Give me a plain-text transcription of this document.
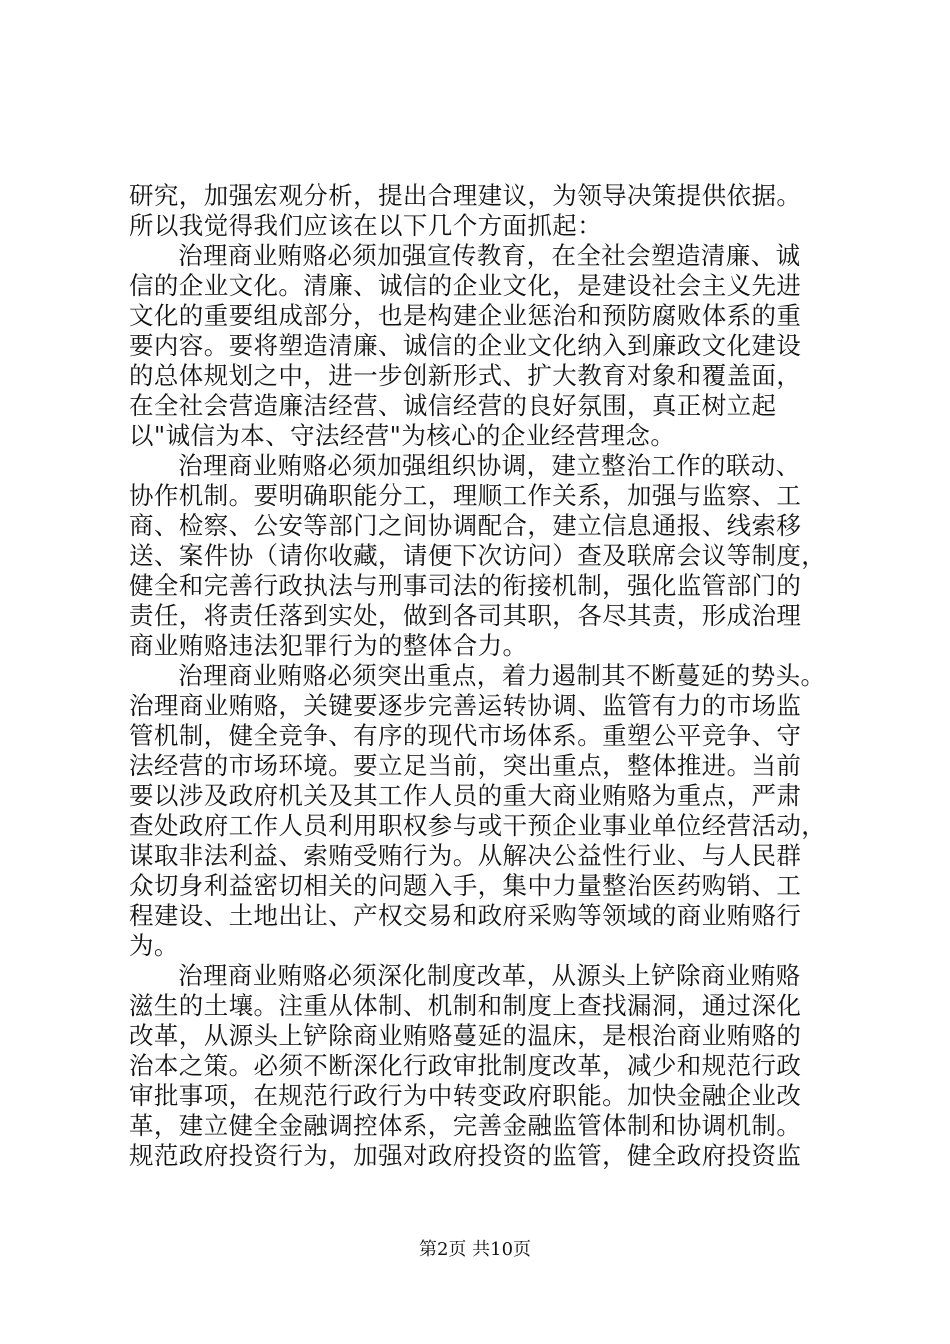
研究，加强宏观分析，提出合理建议，为领导决策提供依据。
所以我觉得我们应该在以下几个方面抓起：
治理商业贿赂必须加强宣传教育，在全社会塑造清廉、诚
信的企业文化。清廉、诚信的企业文化，是建设社会主义先进
文化的重要组成部分，也是构建企业惩治和预防腐败体系的重
要内容。要将塑造清廉、诚信的企业文化纳入到廉政文化建设
的总体规划之中，进一步创新形式、扩大教育对象和覆盖面，
在全社会营造廉洁经营、诚信经营的良好氛围，真正树立起
以"诚信为本、守法经营"为核心的企业经营理念。
治理商业贿赂必须加强组织协调，建立整治工作的联动、
协作机制。要明确职能分工，理顺工作关系，加强与监察、工
商、检察、公安等部门之间协调配合，建立信息通报、线索移
送、案件协（请你收藏，请便下次访问）查及联席会议等制度，
健全和完善行政执法与刑事司法的衔接机制，强化监管部门的
责任，将责任落到实处，做到各司其职，各尽其责，形成治理
商业贿赂违法犯罪行为的整体合力。
治理商业贿赂必须突出重点，着力遏制其不断蔓延的势头。
治理商业贿赂，关键要逐步完善运转协调、监管有力的市场监
管机制，健全竞争、有序的现代市场体系。重塑公平竞争、守
法经营的市场环境。要立足当前，突出重点，整体推进。当前
要以涉及政府机关及其工作人员的重大商业贿赂为重点，严肃
查处政府工作人员利用职权参与或干预企业事业单位经营活动，
谋取非法利益、索贿受贿行为。从解决公益性行业、与人民群
众切身利益密切相关的问题入手，集中力量整治医药购销、工
程建设、土地出让、产权交易和政府采购等领域的商业贿赂行
为。
治理商业贿赂必须深化制度改革，从源头上铲除商业贿赂
滋生的土壤。注重从体制、机制和制度上查找漏洞，通过深化
改革，从源头上铲除商业贿赂蔓延的温床，是根治商业贿赂的
治本之策。必须不断深化行政审批制度改革，减少和规范行政
审批事项，在规范行政行为中转变政府职能。加快金融企业改
革，建立健全金融调控体系，完善金融监管体制和协调机制。
规范政府投资行为，加强对政府投资的监管，健全政府投资监
第2页 共10页
